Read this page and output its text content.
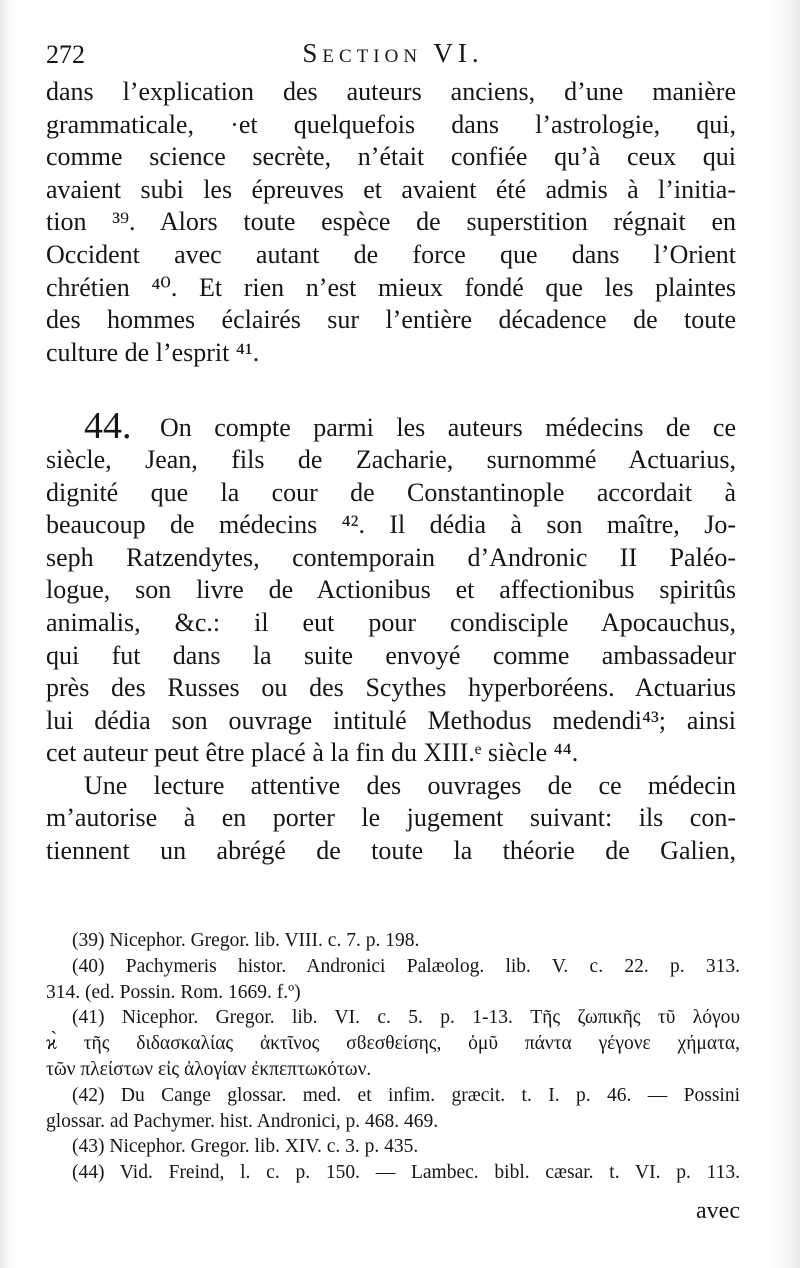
272	Section VI.
dans l’explication des auteurs anciens, d’une manière
grammaticale, ·et quelquefois dans l’astrologie, qui,
comme science secrète, n’était confiée qu’à ceux qui
avaient subi les épreuves et avaient été admis à l’initia-
tion ³⁹. Alors toute espèce de superstition régnait en
Occident avec autant de force que dans l’Orient
chrétien ⁴⁰. Et rien n’est mieux fondé que les plaintes
des hommes éclairés sur l’entière décadence de toute
culture de l’esprit ⁴¹.
44. On compte parmi les auteurs médecins de ce
siècle, Jean, fils de Zacharie, surnommé Actuarius,
dignité que la cour de Constantinople accordait à
beaucoup de médecins ⁴². Il dédia à son maître, Jo-
seph Ratzendytes, contemporain d’Andronic II Paléo-
logue, son livre de Actionibus et affectionibus spiritûs
animalis, &c.: il eut pour condisciple Apocauchus,
qui fut dans la suite envoyé comme ambassadeur
près des Russes ou des Scythes hyperboréens. Actuarius
lui dédia son ouvrage intitulé Methodus medendi⁴³; ainsi
cet auteur peut être placé à la fin du XIII.ᵉ siècle ⁴⁴.
Une lecture attentive des ouvrages de ce médecin
m’autorise à en porter le jugement suivant: ils con-
tiennent un abrégé de toute la théorie de Galien,
(39) Nicephor. Gregor. lib. VIII. c. 7. p. 198.
(40) Pachymeris histor. Andronici Palæolog. lib. V. c. 22. p. 313.
314. (ed. Possin. Rom. 1669. f.º)
(41) Nicephor. Gregor. lib. VI. c. 5. p. 1-13. Τῆς ζωπικῆς τῦ λόγου
ϰ̀ τῆς διδασκαλίας ἀκτῖνος σϐεσθείσης, ὁμῦ πάντα γέγονε χήματα,
τῶν πλείστων εἰς ἀλογίαν ἐκπεπτωκότων.
(42) Du Cange glossar. med. et infim. græcit. t. I. p. 46. — Possini
glossar. ad Pachymer. hist. Andronici, p. 468. 469.
(43) Nicephor. Gregor. lib. XIV. c. 3. p. 435.
(44) Vid. Freind, l. c. p. 150. — Lambec. bibl. cæsar. t. VI. p. 113.
avec
